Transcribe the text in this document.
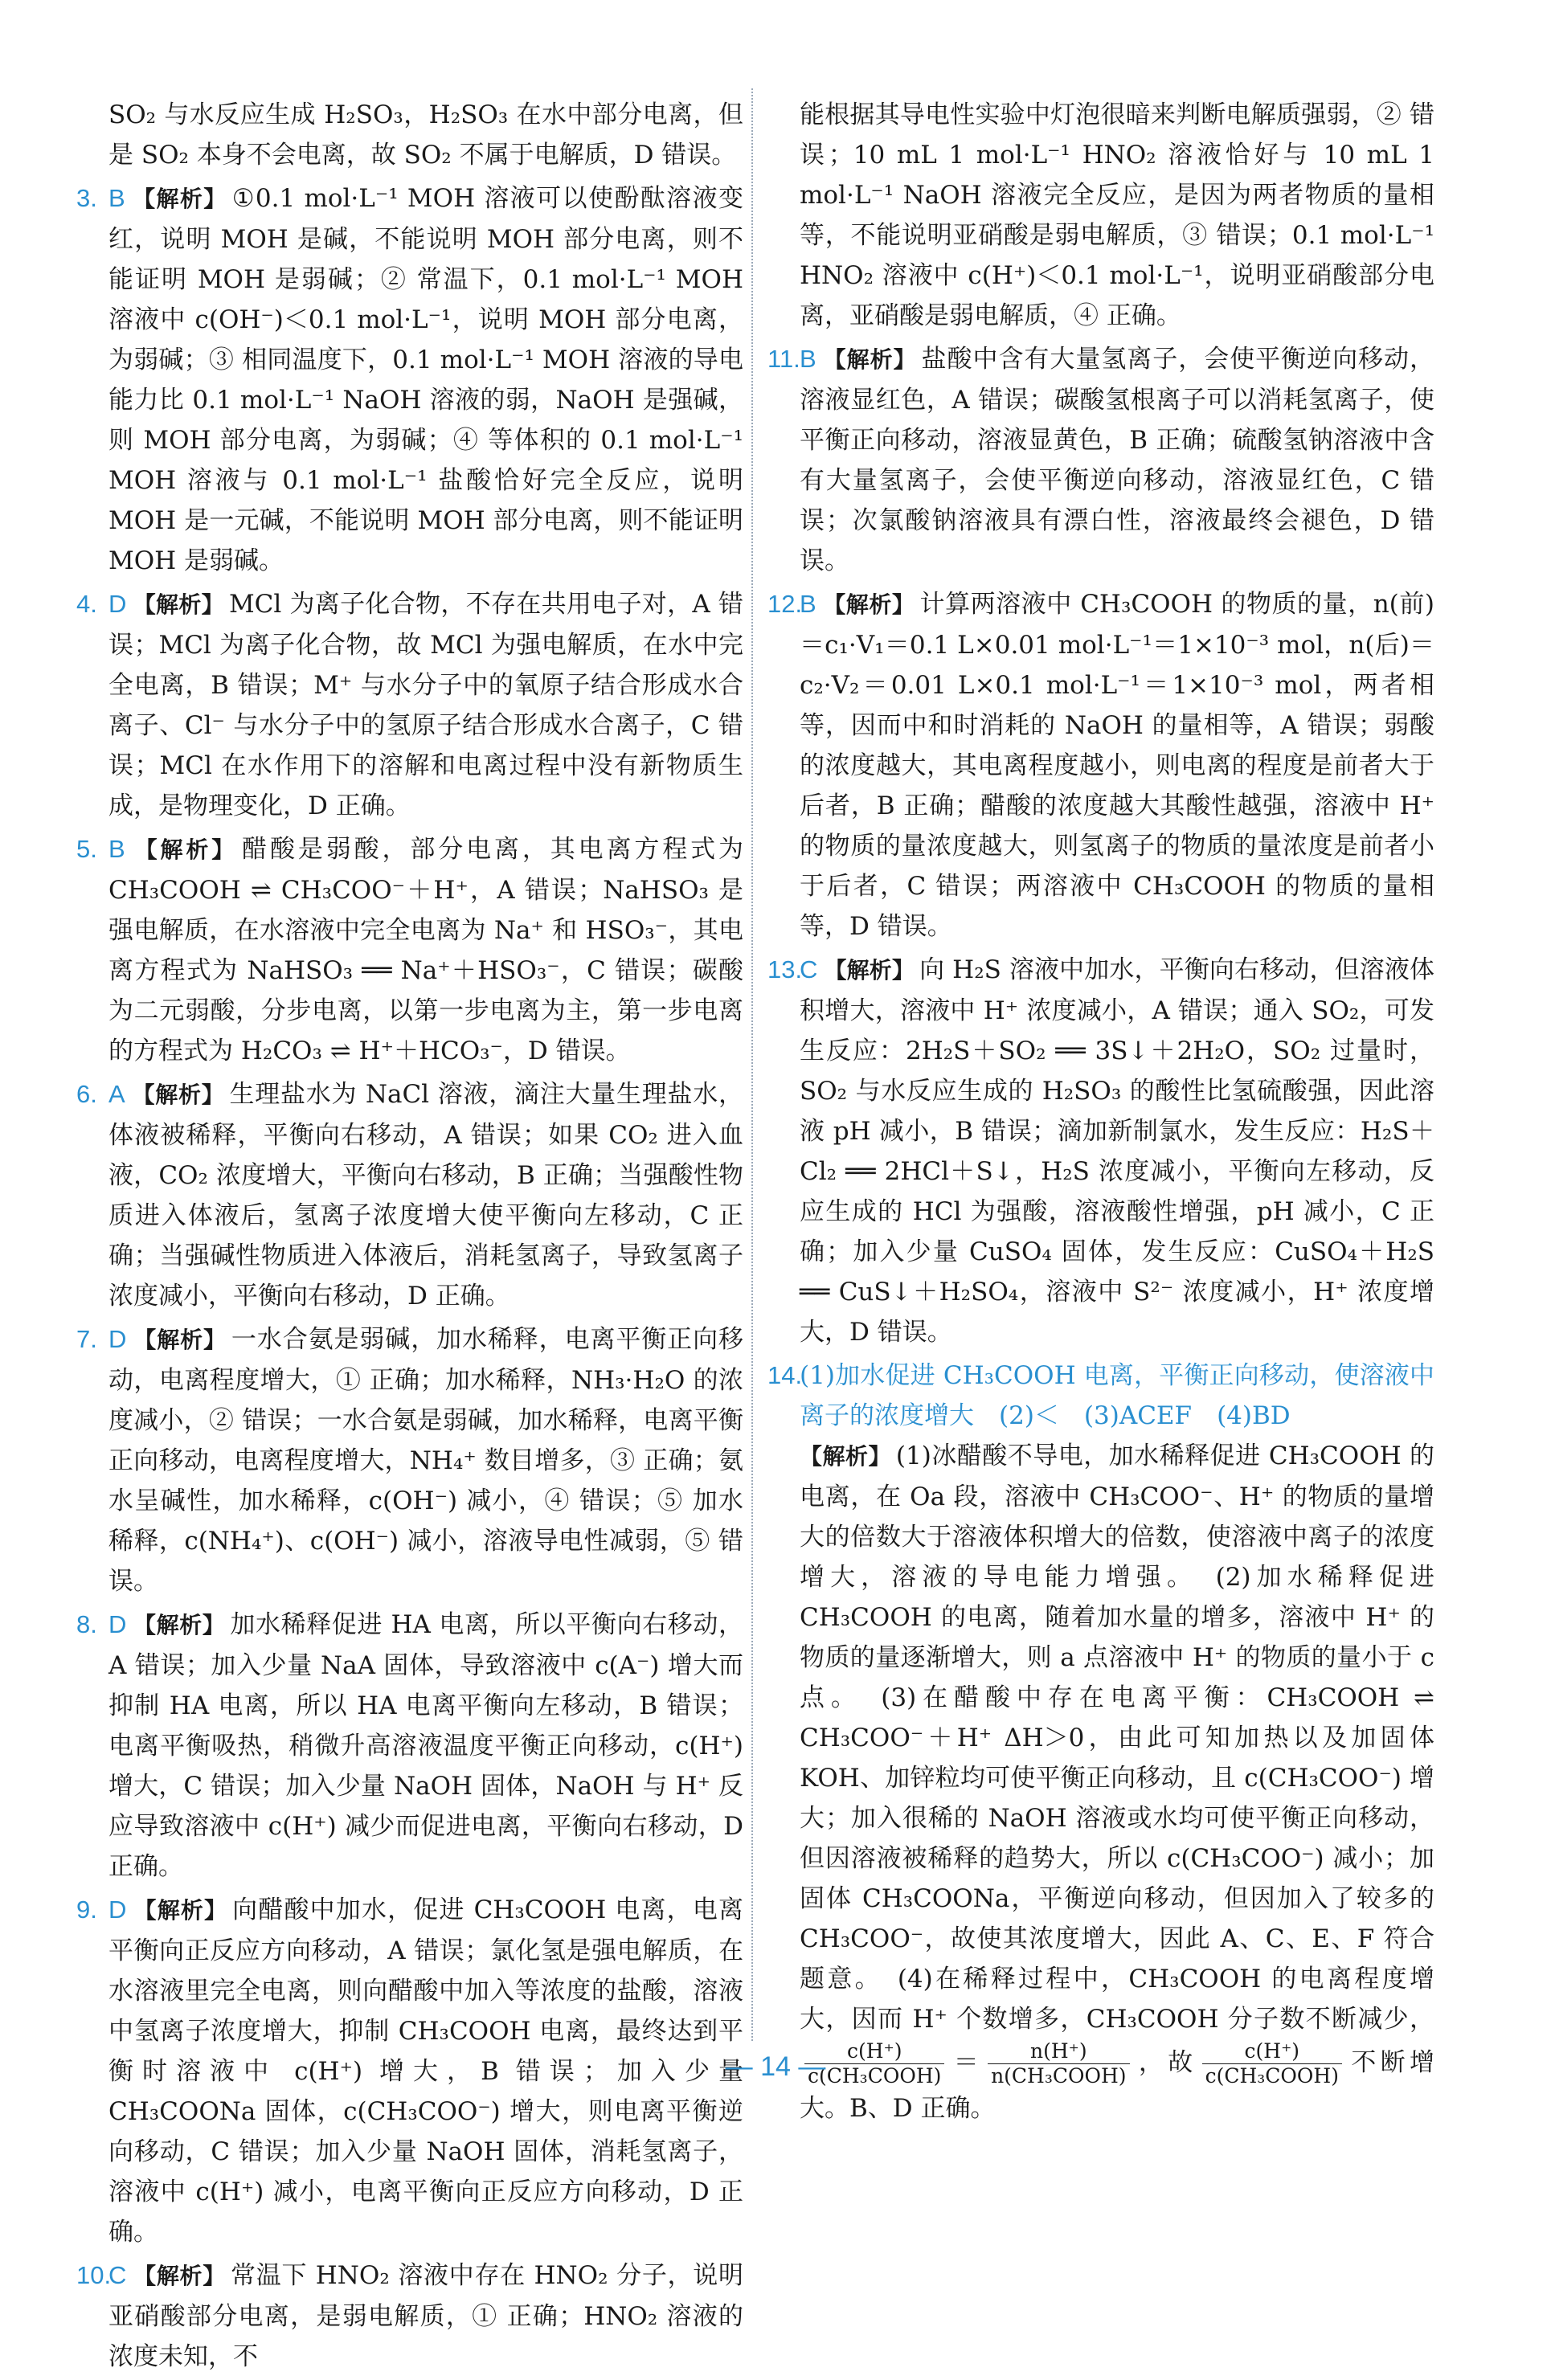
SO₂ 与水反应生成 H₂SO₃，H₂SO₃ 在水中部分电离，但是 SO₂ 本身不会电离，故 SO₂ 不属于电解质，D 错误。

3. B 【解析】 ①0.1 mol·L⁻¹ MOH 溶液可以使酚酞溶液变红，说明 MOH 是碱，不能说明 MOH 部分电离，则不能证明 MOH 是弱碱；② 常温下，0.1 mol·L⁻¹ MOH 溶液中 c(OH⁻)＜0.1 mol·L⁻¹，说明 MOH 部分电离，为弱碱；③ 相同温度下，0.1 mol·L⁻¹ MOH 溶液的导电能力比 0.1 mol·L⁻¹ NaOH 溶液的弱，NaOH 是强碱，则 MOH 部分电离，为弱碱；④ 等体积的 0.1 mol·L⁻¹ MOH 溶液与 0.1 mol·L⁻¹ 盐酸恰好完全反应，说明 MOH 是一元碱，不能说明 MOH 部分电离，则不能证明 MOH 是弱碱。
4. D 【解析】 MCl 为离子化合物，不存在共用电子对，A 错误；MCl 为离子化合物，故 MCl 为强电解质，在水中完全电离，B 错误；M⁺ 与水分子中的氧原子结合形成水合离子、Cl⁻ 与水分子中的氢原子结合形成水合离子，C 错误；MCl 在水作用下的溶解和电离过程中没有新物质生成，是物理变化，D 正确。
5. B 【解析】 醋酸是弱酸，部分电离，其电离方程式为 CH₃COOH ⇌ CH₃COO⁻＋H⁺，A 错误；NaHSO₃ 是强电解质，在水溶液中完全电离为 Na⁺ 和 HSO₃⁻，其电离方程式为 NaHSO₃ ══ Na⁺＋HSO₃⁻，C 错误；碳酸为二元弱酸，分步电离，以第一步电离为主，第一步电离的方程式为 H₂CO₃ ⇌ H⁺＋HCO₃⁻，D 错误。
6. A 【解析】 生理盐水为 NaCl 溶液，滴注大量生理盐水，体液被稀释，平衡向右移动，A 错误；如果 CO₂ 进入血液，CO₂ 浓度增大，平衡向右移动，B 正确；当强酸性物质进入体液后，氢离子浓度增大使平衡向左移动，C 正确；当强碱性物质进入体液后，消耗氢离子，导致氢离子浓度减小，平衡向右移动，D 正确。
7. D 【解析】 一水合氨是弱碱，加水稀释，电离平衡正向移动，电离程度增大，① 正确；加水稀释，NH₃·H₂O 的浓度减小，② 错误；一水合氨是弱碱，加水稀释，电离平衡正向移动，电离程度增大，NH₄⁺ 数目增多，③ 正确；氨水呈碱性，加水稀释，c(OH⁻) 减小，④ 错误；⑤ 加水稀释，c(NH₄⁺)、c(OH⁻) 减小，溶液导电性减弱，⑤ 错误。
8. D 【解析】 加水稀释促进 HA 电离，所以平衡向右移动，A 错误；加入少量 NaA 固体，导致溶液中 c(A⁻) 增大而抑制 HA 电离，所以 HA 电离平衡向左移动，B 错误；电离平衡吸热，稍微升高溶液温度平衡正向移动，c(H⁺) 增大，C 错误；加入少量 NaOH 固体，NaOH 与 H⁺ 反应导致溶液中 c(H⁺) 减少而促进电离，平衡向右移动，D 正确。
9. D 【解析】 向醋酸中加水，促进 CH₃COOH 电离，电离平衡向正反应方向移动，A 错误；氯化氢是强电解质，在水溶液里完全电离，则向醋酸中加入等浓度的盐酸，溶液中氢离子浓度增大，抑制 CH₃COOH 电离，最终达到平衡时溶液中 c(H⁺) 增大，B 错误；加入少量 CH₃COONa 固体，c(CH₃COO⁻) 增大，则电离平衡逆向移动，C 错误；加入少量 NaOH 固体，消耗氢离子，溶液中 c(H⁺) 减小，电离平衡向正反应方向移动，D 正确。
10.
C 【解析】 常温下 HNO₂ 溶液中存在 HNO₂ 分子，说明亚硝酸部分电离，是弱电解质，① 正确；HNO₂ 溶液的浓度未知，不

能根据其导电性实验中灯泡很暗来判断电解质强弱，② 错误；10 mL 1 mol·L⁻¹ HNO₂ 溶液恰好与 10 mL 1 mol·L⁻¹ NaOH 溶液完全反应，是因为两者物质的量相等，不能说明亚硝酸是弱电解质，③ 错误；0.1 mol·L⁻¹ HNO₂ 溶液中 c(H⁺)＜0.1 mol·L⁻¹，说明亚硝酸部分电离，亚硝酸是弱电解质，④ 正确。

11. B 【解析】 盐酸中含有大量氢离子，会使平衡逆向移动，溶液显红色，A 错误；碳酸氢根离子可以消耗氢离子，使平衡正向移动，溶液显黄色，B 正确；硫酸氢钠溶液中含有大量氢离子，会使平衡逆向移动，溶液显红色，C 错误；次氯酸钠溶液具有漂白性，溶液最终会褪色，D 错误。
12.
B 【解析】 计算两溶液中 CH₃COOH 的物质的量，n(前)＝c₁·V₁＝0.1 L×0.01 mol·L⁻¹＝1×10⁻³ mol，n(后)＝c₂·V₂＝0.01 L×0.1 mol·L⁻¹＝1×10⁻³ mol，两者相等，因而中和时消耗的 NaOH 的量相等，A 错误；弱酸的浓度越大，其电离程度越小，则电离的程度是前者大于后者，B 正确；醋酸的浓度越大其酸性越强，溶液中 H⁺ 的物质的量浓度越大，则氢离子的物质的量浓度是前者小于后者，C 错误；两溶液中 CH₃COOH 的物质的量相等，D 错误。
13.
C 【解析】 向 H₂S 溶液中加水，平衡向右移动，但溶液体积增大，溶液中 H⁺ 浓度减小，A 错误；通入 SO₂，可发生反应：2H₂S＋SO₂ ══ 3S↓＋2H₂O，SO₂ 过量时，SO₂ 与水反应生成的 H₂SO₃ 的酸性比氢硫酸强，因此溶液 pH 减小，B 错误；滴加新制氯水，发生反应：H₂S＋Cl₂ ══ 2HCl＋S↓，H₂S 浓度减小，平衡向左移动，反应生成的 HCl 为强酸，溶液酸性增强，pH 减小，C 正确；加入少量 CuSO₄ 固体，发生反应：CuSO₄＋H₂S ══ CuS↓＋H₂SO₄，溶液中 S²⁻ 浓度减小，H⁺ 浓度增大，D 错误。
14.

(1)加水促进 CH₃COOH 电离，平衡正向移动，使溶液中离子的浓度增大　(2)＜　(3)ACEF　(4)BD

【解析】 (1)冰醋酸不导电，加水稀释促进 CH₃COOH 的电离，在 Oa 段，溶液中 CH₃COO⁻、H⁺ 的物质的量增大的倍数大于溶液体积增大的倍数，使溶液中离子的浓度增大，溶液的导电能力增强。　(2)加水稀释促进 CH₃COOH 的电离，随着加水量的增多，溶液中 H⁺ 的物质的量逐渐增大，则 a 点溶液中 H⁺ 的物质的量小于 c 点。　(3)在醋酸中存在电离平衡：CH₃COOH ⇌ CH₃COO⁻＋H⁺ ΔH＞0，由此可知加热以及加固体 KOH、加锌粒均可使平衡正向移动，且 c(CH₃COO⁻) 增大；加入很稀的 NaOH 溶液或水均可使平衡正向移动，但因溶液被稀释的趋势大，所以 c(CH₃COO⁻) 减小；加固体 CH₃COONa，平衡逆向移动，但因加入了较多的 CH₃COO⁻，故使其浓度增大，因此 A、C、E、F 符合题意。　(4)在稀释过程中，CH₃COOH 的电离程度增大，因而 H⁺ 个数增多，CH₃COOH 分子数不断减少，
$\frac{c(H^+)}{\text{c(CH₃COOH)}} = \frac{n(H^+)}{\text{n(CH₃COOH)}}$ ，故 $\frac{c(H^+)}{\text{c(CH₃COOH)}}$ 不断增大。B、D 正确。

— 14 —
